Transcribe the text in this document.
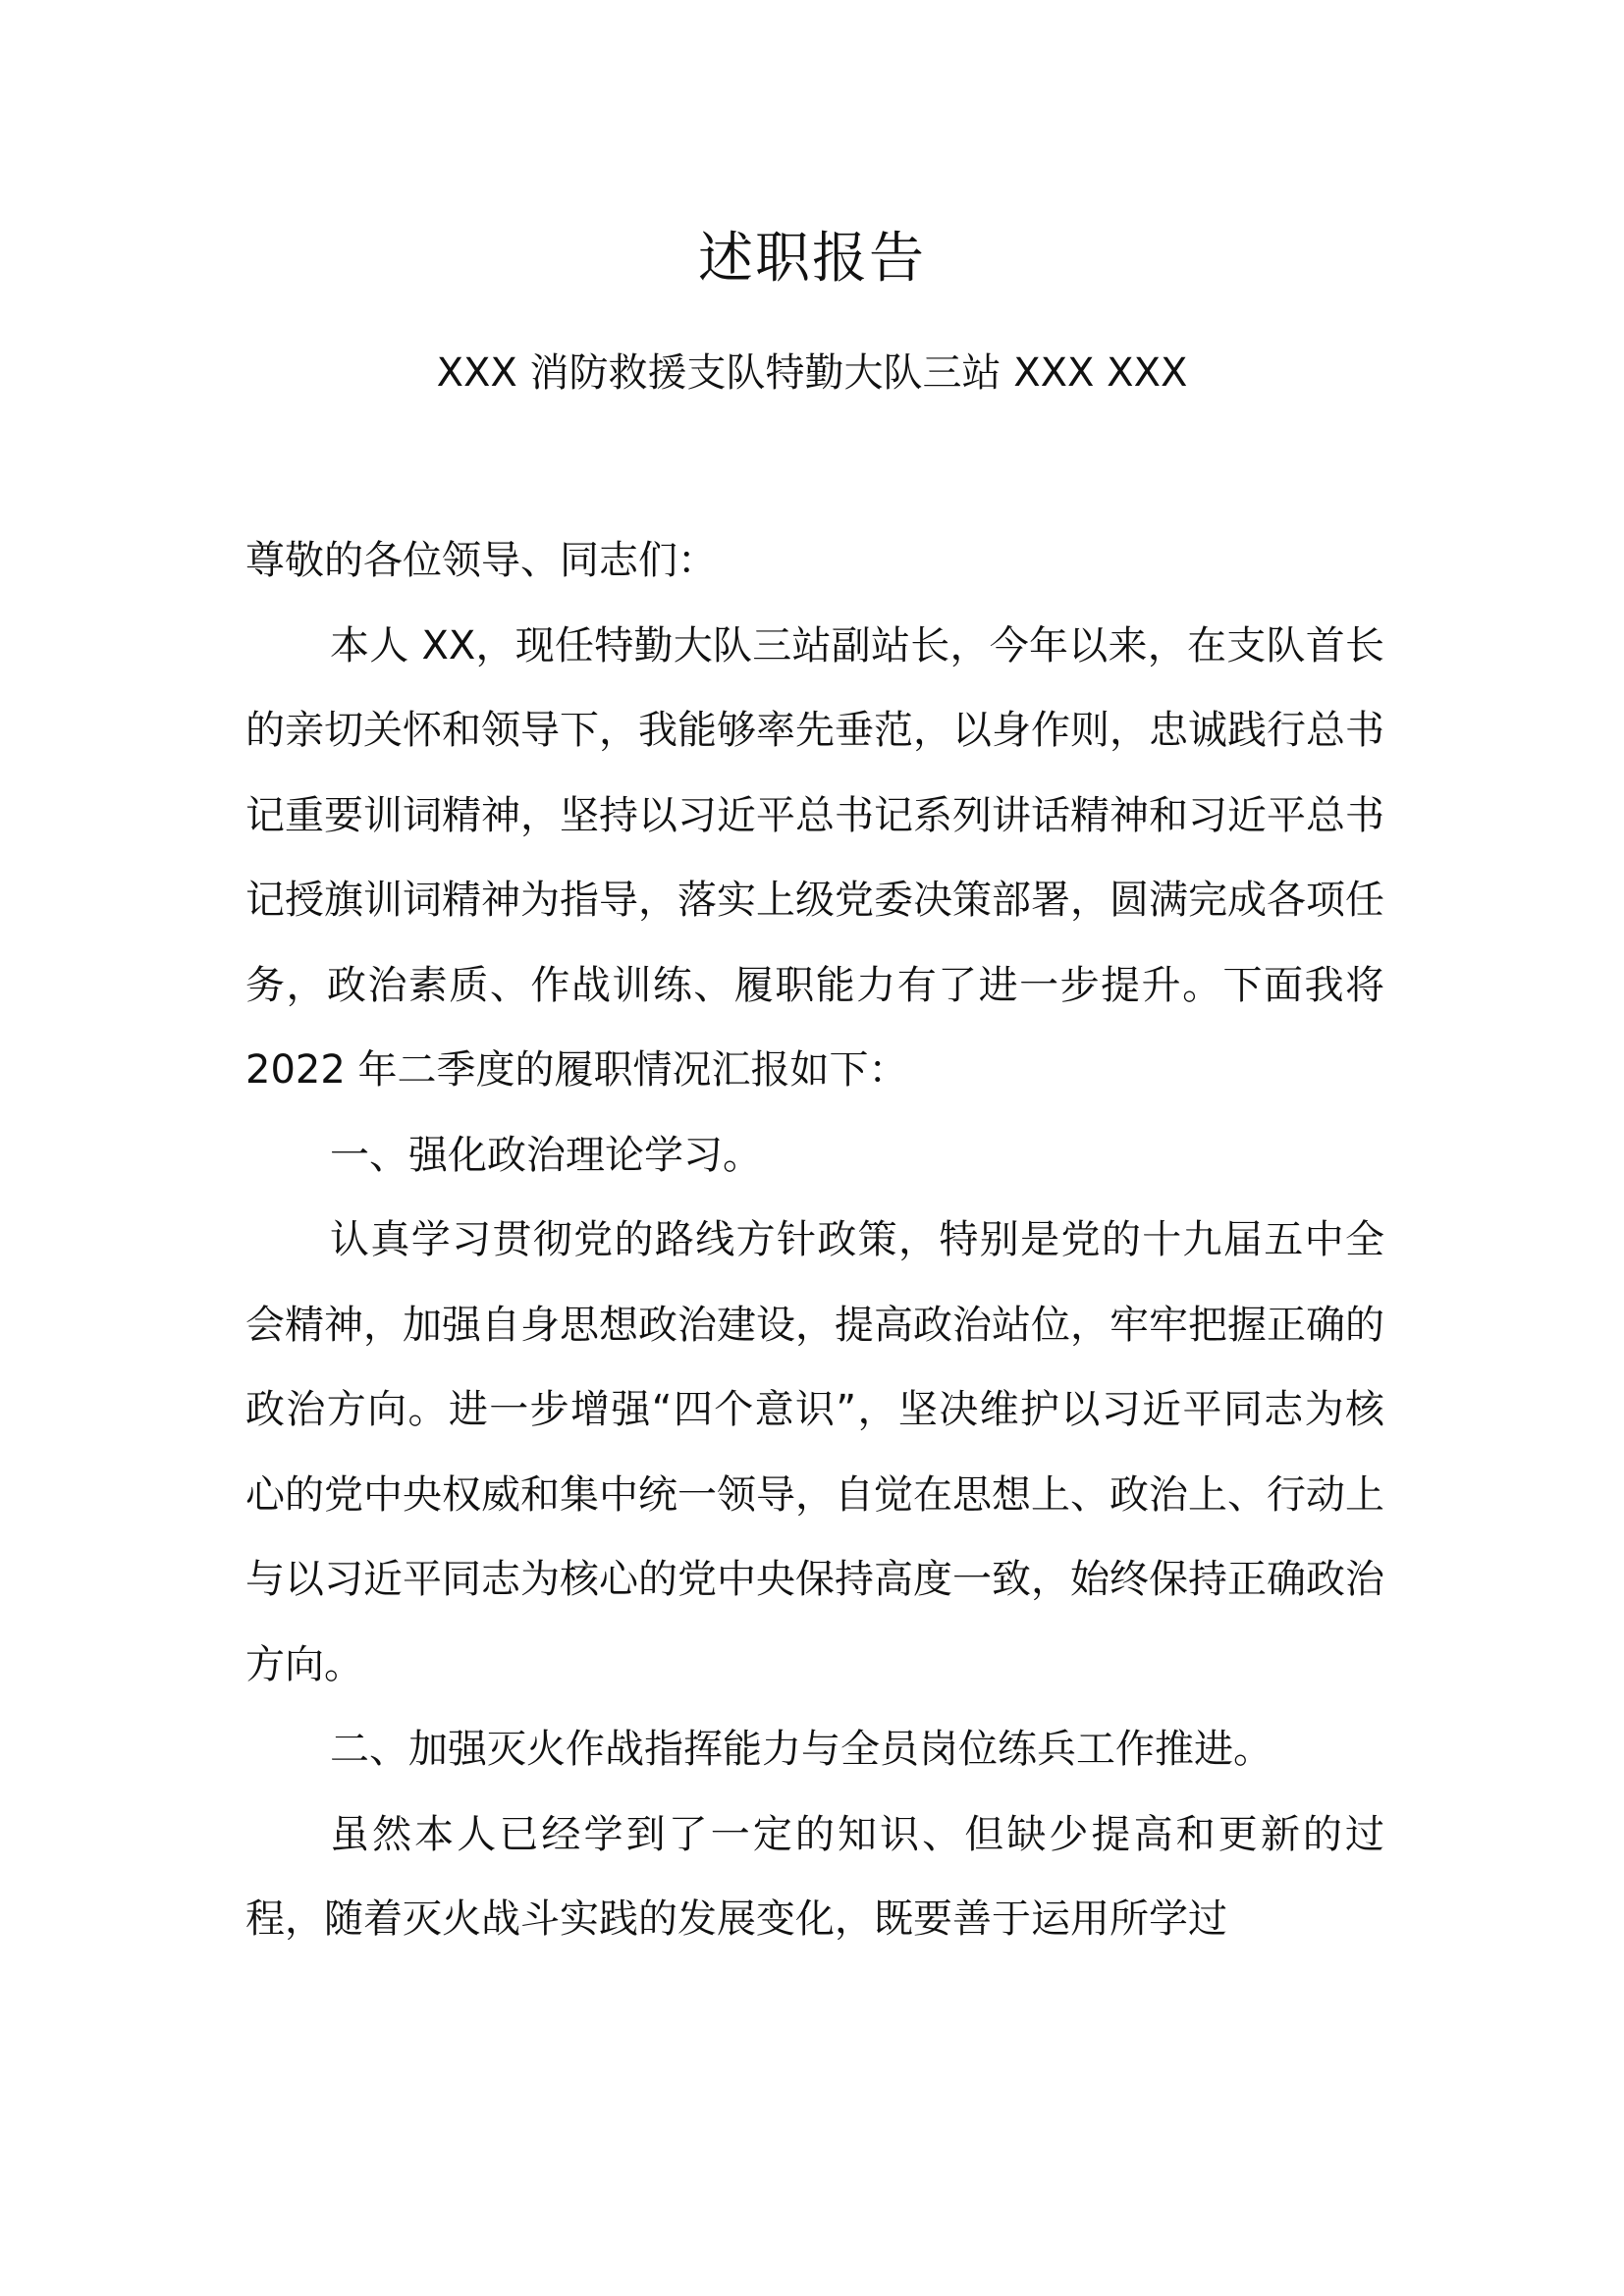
述职报告
XXX 消防救援支队特勤大队三站 XXX XXX

尊敬的各位领导、同志们：

本人 XX，现任特勤大队三站副站长，今年以来，在支队首长的亲切关怀和领导下，我能够率先垂范，以身作则，忠诚践行总书记重要训词精神，坚持以习近平总书记系列讲话精神和习近平总书记授旗训词精神为指导，落实上级党委决策部署，圆满完成各项任务，政治素质、作战训练、履职能力有了进一步提升。下面我将 2022 年二季度的履职情况汇报如下：

一、强化政治理论学习。

认真学习贯彻党的路线方针政策，特别是党的十九届五中全会精神，加强自身思想政治建设，提高政治站位，牢牢把握正确的政治方向。进一步增强“四个意识”，坚决维护以习近平同志为核心的党中央权威和集中统一领导，自觉在思想上、政治上、行动上与以习近平同志为核心的党中央保持高度一致，始终保持正确政治方向。

二、加强灭火作战指挥能力与全员岗位练兵工作推进。

虽然本人已经学到了一定的知识、但缺少提高和更新的过程，随着灭火战斗实践的发展变化，既要善于运用所学过
